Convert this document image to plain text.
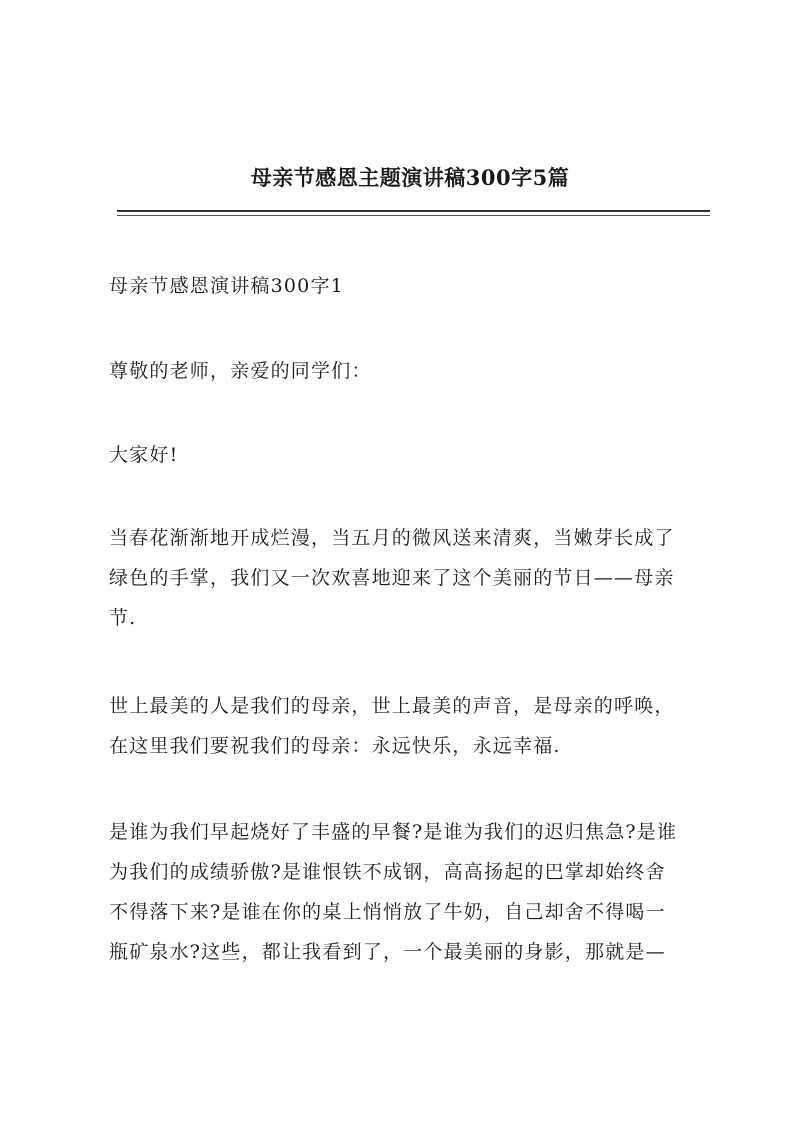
母亲节感恩主题演讲稿300字5篇

母亲节感恩演讲稿300字1

尊敬的老师，亲爱的同学们：

大家好!

当春花渐渐地开成烂漫，当五月的微风送来清爽，当嫩芽长成了
绿色的手掌，我们又一次欢喜地迎来了这个美丽的节日——母亲
节.
世上最美的人是我们的母亲，世上最美的声音，是母亲的呼唤，
在这里我们要祝我们的母亲：永远快乐，永远幸福.
是谁为我们早起烧好了丰盛的早餐?是谁为我们的迟归焦急?是谁
为我们的成绩骄傲?是谁恨铁不成钢，高高扬起的巴掌却始终舍
不得落下来?是谁在你的桌上悄悄放了牛奶，自己却舍不得喝一
瓶矿泉水?这些，都让我看到了，一个最美丽的身影，那就是—
